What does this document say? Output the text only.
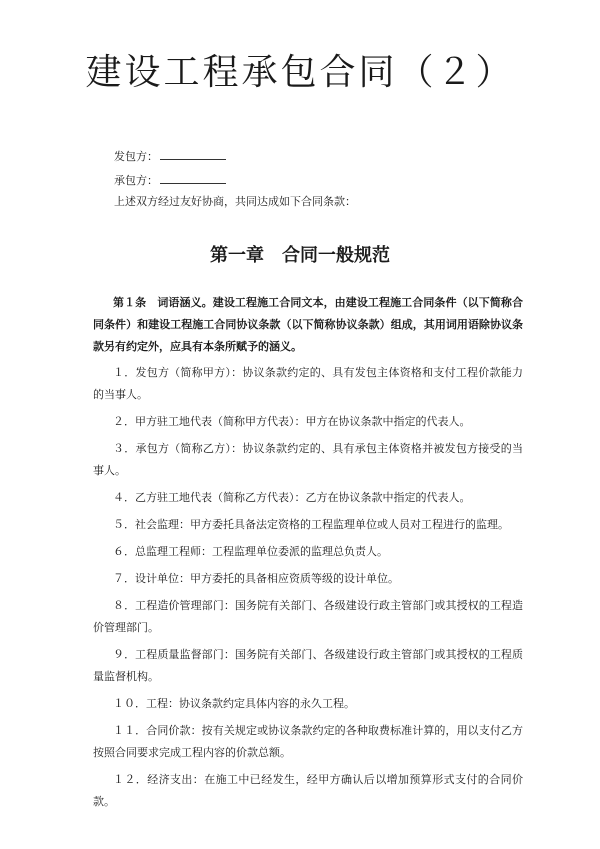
建设工程承包合同（２）
发包方：
承包方：
上述双方经过友好协商，共同达成如下合同条款：
第一章　合同一般规范

第１条　词语涵义。建设工程施工合同文本，由建设工程施工合同条件（以下简称合同条件）和建设工程施工合同协议条款（以下简称协议条款）组成，其用词用语除协议条款另有约定外，应具有本条所赋予的涵义。

１．发包方（简称甲方）：协议条款约定的、具有发包主体资格和支付工程价款能力的当事人。

２．甲方驻工地代表（简称甲方代表）：甲方在协议条款中指定的代表人。

３．承包方（简称乙方）：协议条款约定的、具有承包主体资格并被发包方接受的当事人。

４．乙方驻工地代表（简称乙方代表）：乙方在协议条款中指定的代表人。

５．社会监理：甲方委托具备法定资格的工程监理单位或人员对工程进行的监理。

６．总监理工程师：工程监理单位委派的监理总负责人。

７．设计单位：甲方委托的具备相应资质等级的设计单位。

８．工程造价管理部门：国务院有关部门、各级建设行政主管部门或其授权的工程造价管理部门。

９．工程质量监督部门：国务院有关部门、各级建设行政主管部门或其授权的工程质量监督机构。

１０．工程：协议条款约定具体内容的永久工程。

１１．合同价款：按有关规定或协议条款约定的各种取费标准计算的，用以支付乙方按照合同要求完成工程内容的价款总额。

１２．经济支出：在施工中已经发生，经甲方确认后以增加预算形式支付的合同价款。
